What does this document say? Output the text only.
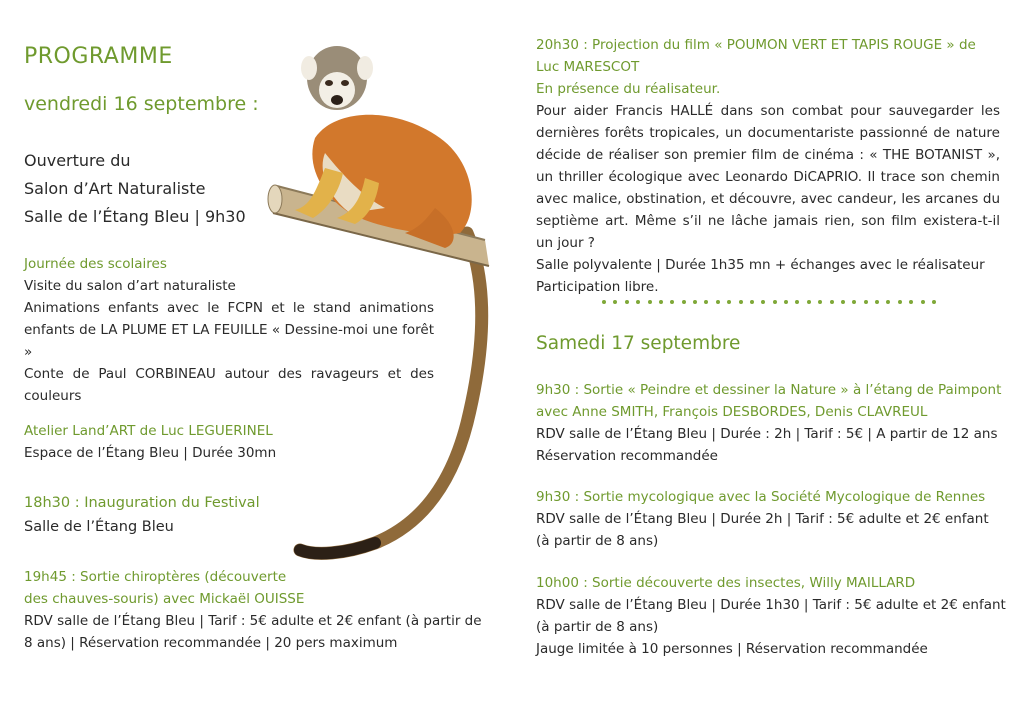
PROGRAMME
vendredi 16 septembre :
Ouverture du
Salon d’Art Naturaliste
Salle de l’Étang Bleu | 9h30
Journée des scolaires
Visite du salon d’art naturaliste
Animations enfants avec le FCPN et le stand animations enfants de LA PLUME ET LA FEUILLE « Dessine-moi une forêt »
Conte de Paul CORBINEAU autour des ravageurs et des couleurs
Atelier Land’ART de Luc LEGUERINEL
Espace de l’Étang Bleu | Durée 30mn
18h30 : Inauguration du Festival
Salle de l’Étang Bleu
19h45 : Sortie chiroptères (découverte
des chauves-souris) avec Mickaël OUISSE
RDV salle de l’Étang Bleu | Tarif : 5€ adulte et 2€ enfant (à partir de 8 ans) | Réservation recommandée | 20 pers maximum
20h30 : Projection du film « POUMON VERT ET TAPIS ROUGE » de Luc MARESCOT
En présence du réalisateur.
Pour aider Francis HALLÉ dans son combat pour sauvegarder les dernières forêts tropicales, un documentariste passionné de nature décide de réaliser son premier film de cinéma : « THE BOTANIST », un thriller écologique avec Leonardo DiCAPRIO. Il trace son chemin avec malice, obstination, et découvre, avec candeur, les arcanes du septième art. Même s’il ne lâche jamais rien, son film existera-t-il un jour ?
Salle polyvalente | Durée 1h35 mn + échanges avec le réalisateur Participation libre.
Samedi 17 septembre
9h30 : Sortie « Peindre et dessiner la Nature » à l’étang de Paimpont avec Anne SMITH, François DESBORDES, Denis CLAVREUL
RDV salle de l’Étang Bleu | Durée : 2h | Tarif : 5€ | A partir de 12 ans
Réservation recommandée
9h30 : Sortie mycologique avec la Société Mycologique de Rennes
RDV salle de l’Étang Bleu | Durée 2h | Tarif : 5€ adulte et 2€ enfant (à partir de 8 ans)
10h00 : Sortie découverte des insectes, Willy MAILLARD
RDV salle de l’Étang Bleu | Durée 1h30 | Tarif : 5€ adulte et 2€ enfant (à partir de 8 ans)
Jauge limitée à 10 personnes | Réservation recommandée
